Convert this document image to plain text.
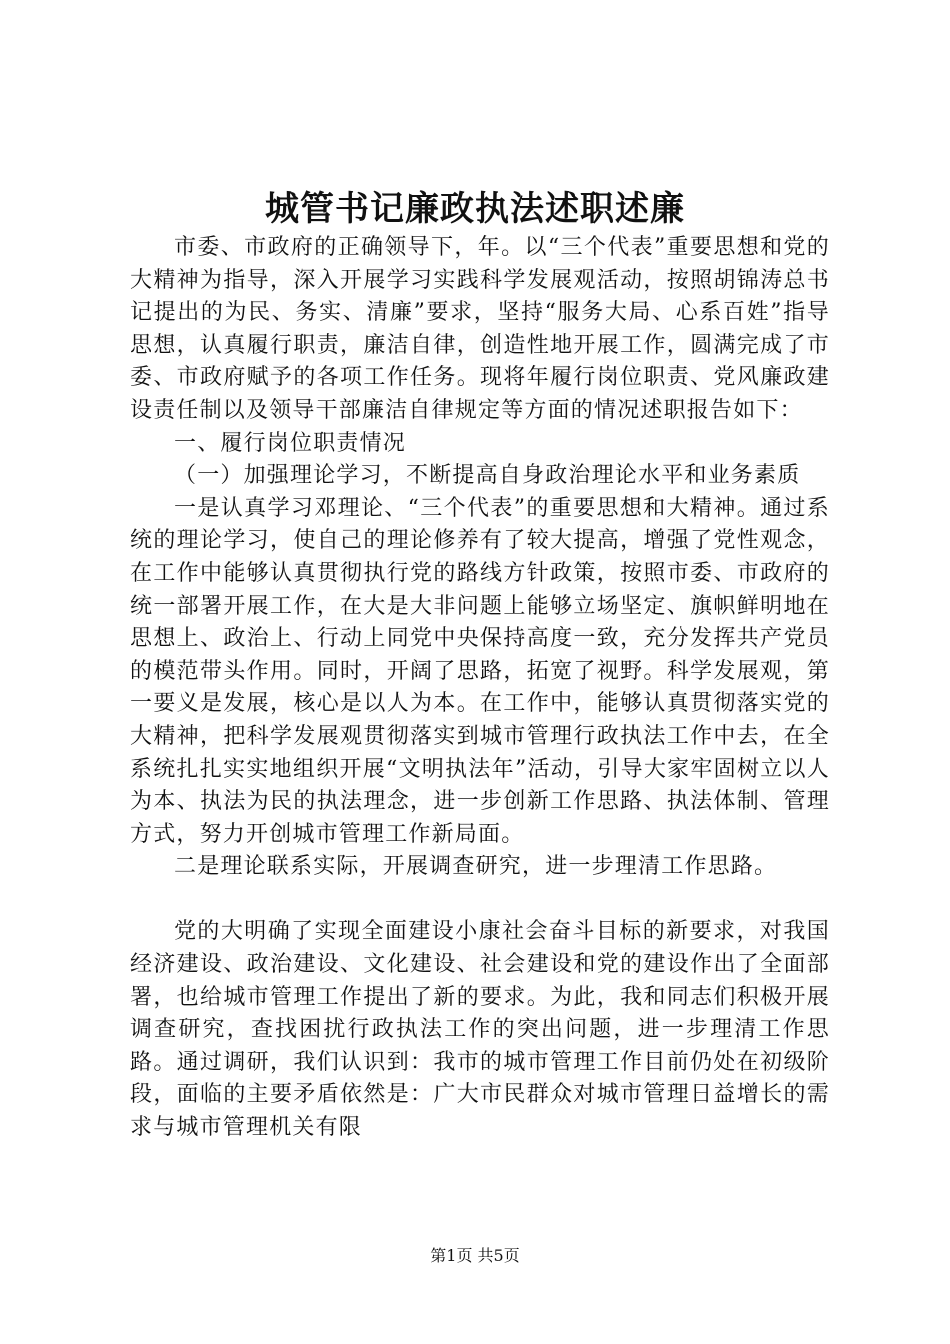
城管书记廉政执法述职述廉

市委、市政府的正确领导下，年。以“三个代表”重要思想和党的大精神为指导，深入开展学习实践科学发展观活动，按照胡锦涛总书记提出的为民、务实、清廉”要求，坚持“服务大局、心系百姓”指导思想，认真履行职责，廉洁自律，创造性地开展工作，圆满完成了市委、市政府赋予的各项工作任务。现将年履行岗位职责、党风廉政建设责任制以及领导干部廉洁自律规定等方面的情况述职报告如下：

一、履行岗位职责情况

（一）加强理论学习，不断提高自身政治理论水平和业务素质

一是认真学习邓理论、“三个代表”的重要思想和大精神。通过系统的理论学习，使自己的理论修养有了较大提高，增强了党性观念，在工作中能够认真贯彻执行党的路线方针政策，按照市委、市政府的统一部署开展工作，在大是大非问题上能够立场坚定、旗帜鲜明地在思想上、政治上、行动上同党中央保持高度一致，充分发挥共产党员的模范带头作用。同时，开阔了思路，拓宽了视野。科学发展观，第一要义是发展，核心是以人为本。在工作中，能够认真贯彻落实党的大精神，把科学发展观贯彻落实到城市管理行政执法工作中去，在全系统扎扎实实地组织开展“文明执法年”活动，引导大家牢固树立以人为本、执法为民的执法理念，进一步创新工作思路、执法体制、管理方式，努力开创城市管理工作新局面。

二是理论联系实际，开展调查研究，进一步理清工作思路。

党的大明确了实现全面建设小康社会奋斗目标的新要求，对我国经济建设、政治建设、文化建设、社会建设和党的建设作出了全面部署，也给城市管理工作提出了新的要求。为此，我和同志们积极开展调查研究，查找困扰行政执法工作的突出问题，进一步理清工作思路。通过调研，我们认识到：我市的城市管理工作目前仍处在初级阶段，面临的主要矛盾依然是：广大市民群众对城市管理日益增长的需求与城市管理机关有限

第1页 共5页
